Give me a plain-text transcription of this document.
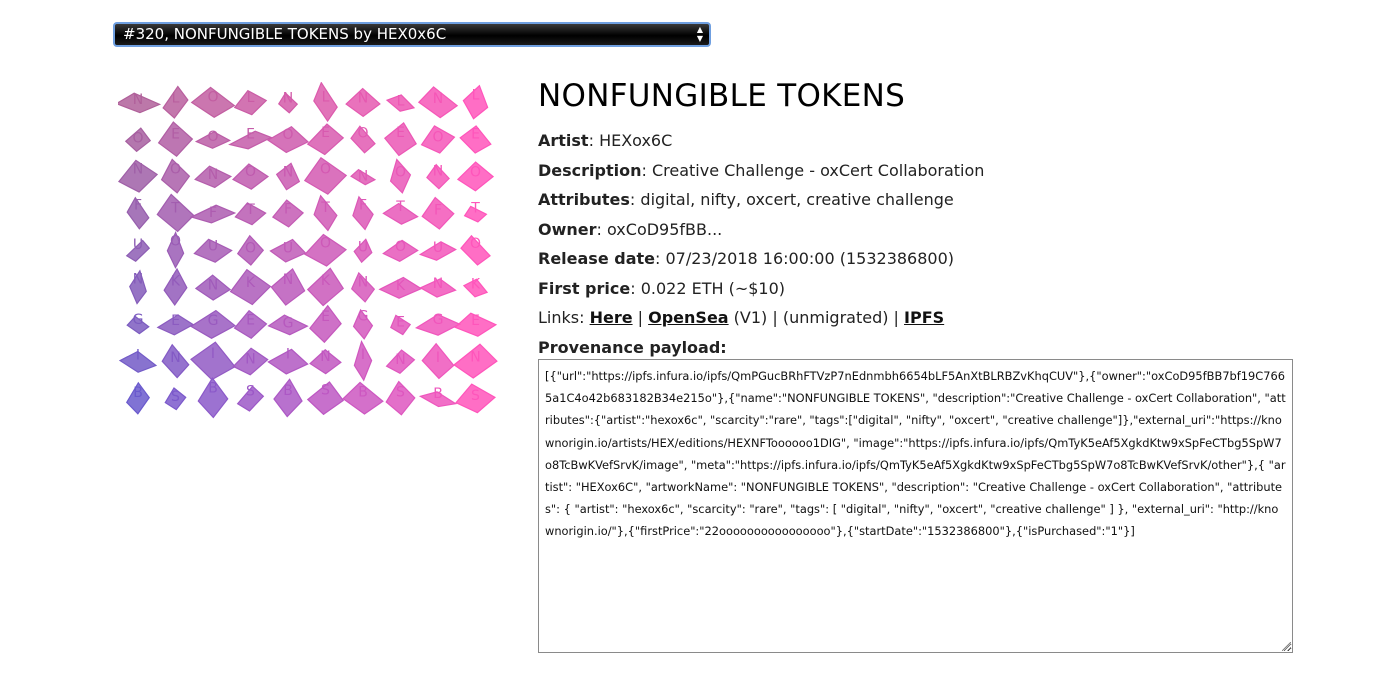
#320, NONFUNGIBLE TOKENS by HEX0x6C	▲
▼
N L O L N L N L N L
O E O E O E O E O E
N O N O N O N O N O
F T F T F T F T F T
U O U O U O U O U O
N K N K N K N K N K
G E G E G E G E G E
I N I N I N I N I N
B S
B S B S B S B S
NONFUNGIBLE TOKENS
Artist: HEXox6C
Description: Creative Challenge - oxCert Collaboration
Attributes: digital, nifty, oxcert, creative challenge
Owner: oxCoD95fBB...
Release date: 07/23/2018 16:00:00 (1532386800)
First price: 0.022 ETH (~$10)
Links: Here | OpenSea (V1) | (unmigrated) | IPFS
Provenance payload:
[{"url":"https://ipfs.infura.io/ipfs/QmPGucBRhFTVzP7nEdnmbh6654bLF5AnXtBLRBZvKhqCUV"},{"owner":"oxCoD95fBB7bf19C7665a1C4o42b683182B34e215o"},{"name":"NONFUNGIBLE TOKENS", "description":"Creative Challenge - oxCert Collaboration", "attributes":{"artist":"hexox6c", "scarcity":"rare", "tags":["digital", "nifty", "oxcert", "creative challenge"]},"external_uri":"https://knownorigin.io/artists/HEX/editions/HEXNFToooooo1DIG", "image":"https://ipfs.infura.io/ipfs/QmTyK5eAf5XgkdKtw9xSpFeCTbg5SpW7o8TcBwKVefSrvK/image", "meta":"https://ipfs.infura.io/ipfs/QmTyK5eAf5XgkdKtw9xSpFeCTbg5SpW7o8TcBwKVefSrvK/other"},{ "artist": "HEXox6C", "artworkName": "NONFUNGIBLE TOKENS", "description": "Creative Challenge - oxCert Collaboration", "attributes": { "artist": "hexox6c", "scarcity": "rare", "tags": [ "digital", "nifty", "oxcert", "creative challenge" ] }, "external_uri": "http://knownorigin.io/"},{"firstPrice":"22oooooooooooooooo"},{"startDate":"1532386800"},{"isPurchased":"1"}]
